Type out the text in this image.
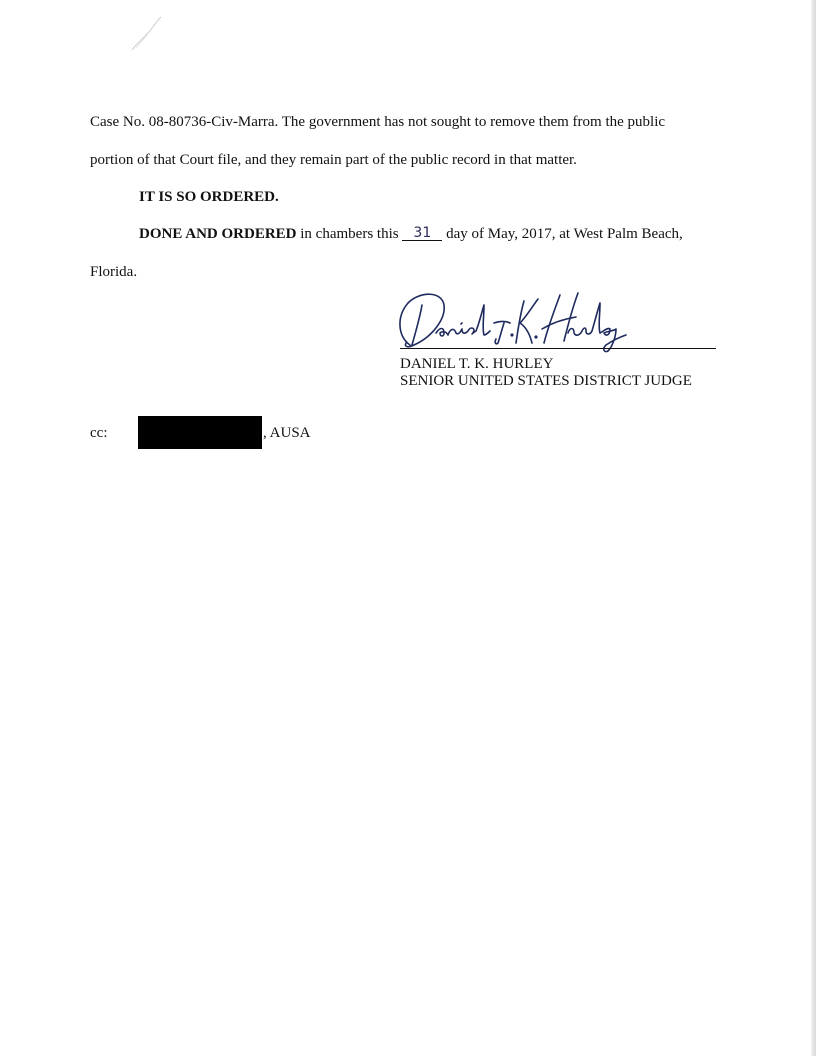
Case No. 08-80736-Civ-Marra. The government has not sought to remove them from the public
portion of that Court file, and they remain part of the public record in that matter.
IT IS SO ORDERED.
DONE AND ORDERED in chambers this 31 day of May, 2017, at West Palm Beach,
Florida.
DANIEL T. K. HURLEY
SENIOR UNITED STATES DISTRICT JUDGE
cc:	, AUSA
